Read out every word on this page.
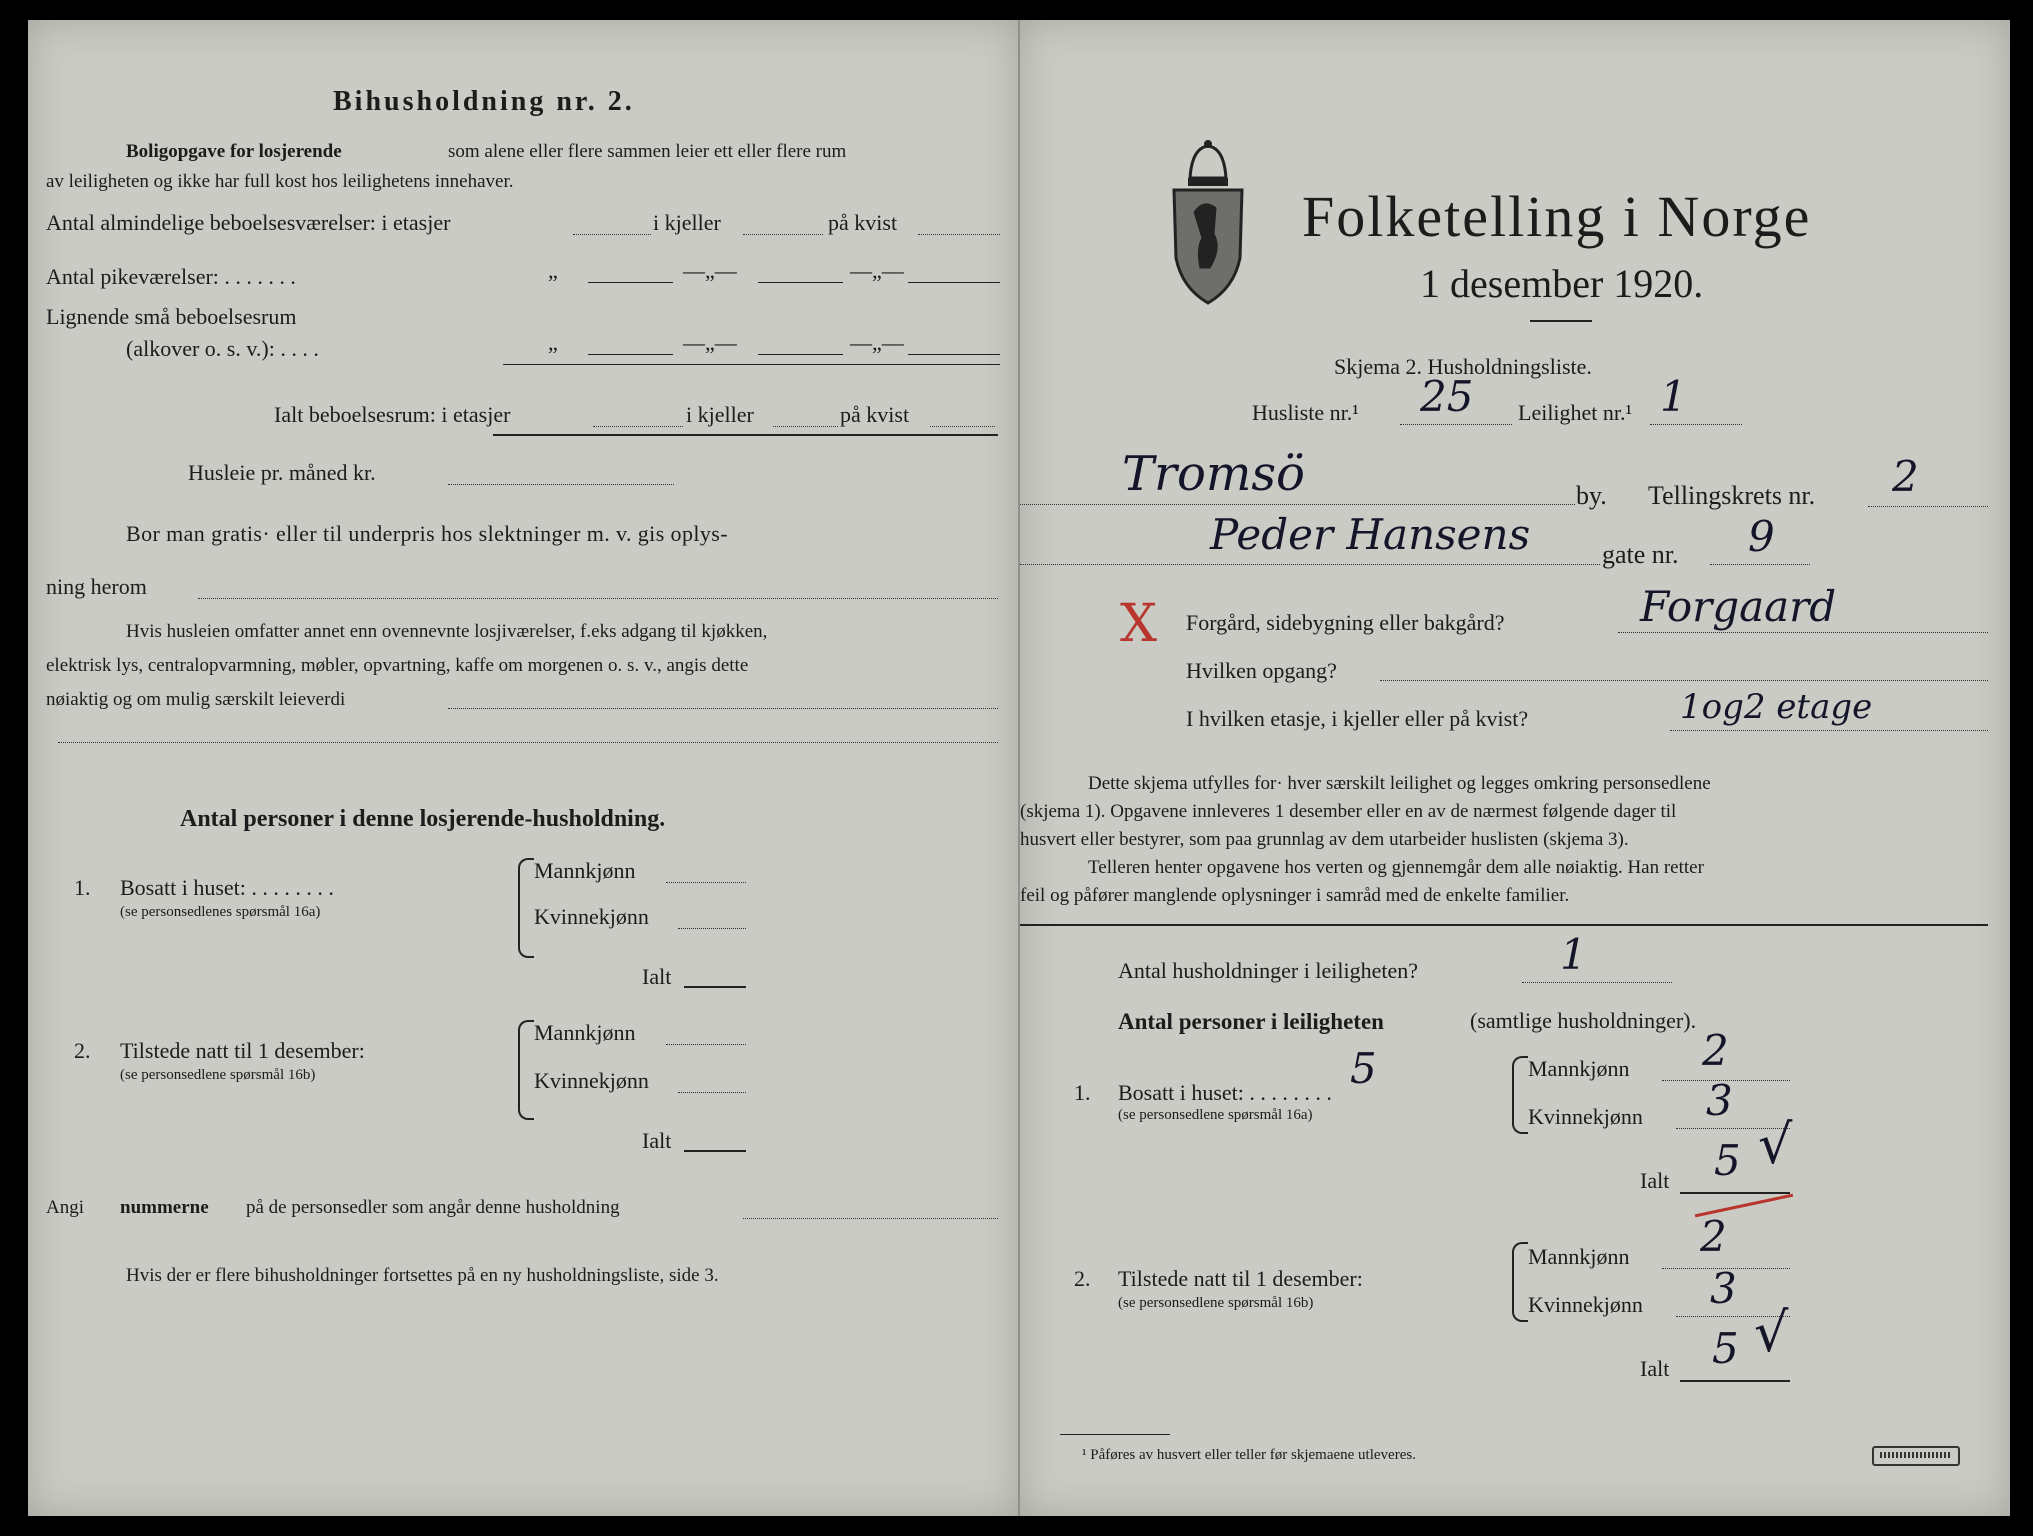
Bihusholdning nr. 2.
Boligopgave for losjerende	som alene eller flere sammen leier ett eller flere rum
av leiligheten og ikke har full kost hos leilighetens innehaver.
Antal almindelige beboelsesværelser: i etasjer	i kjeller	på kvist
Antal pikeværelser: . . . . . . .	„	—„—	—„—
Lignende små beboelsesrum
(alkover o. s. v.): . . . .	„	—„—	—„—
Ialt beboelsesrum: i etasjer	i kjeller	på kvist
Husleie pr. måned kr.
Bor man gratis· eller til underpris hos slektninger m. v. gis oplys-
ning herom
Hvis husleien omfatter annet enn ovennevnte losjiværelser, f.eks adgang til kjøkken,
elektrisk lys, centralopvarmning, møbler, opvartning, kaffe om morgenen o. s. v., angis dette
nøiaktig og om mulig særskilt leieverdi
Antal personer i denne losjerende-husholdning.
1. Bosatt i huset: . . . . . . . .
(se personsedlenes spørsmål 16a)
Mannkjønn
Kvinnekjønn
Ialt
2. Tilstede natt til 1 desember:
(se personsedlene spørsmål 16b)
Mannkjønn
Kvinnekjønn
Ialt
Angi nummerne på de personsedler som angår denne husholdning
Hvis der er flere bihusholdninger fortsettes på en ny husholdningsliste, side 3.
Folketelling i Norge
1 desember 1920.
Skjema 2. Husholdningsliste.
Husliste nr.¹ 25 Leilighet nr.¹ 1
Tromsö	by. Tellingskrets nr. 2
Peder Hansens	gate nr. 9
X Forgård, sidebygning eller bakgård?	Forgaard
Hvilken opgang?
I hvilken etasje, i kjeller eller på kvist?	1og2 etage
Dette skjema utfylles for· hver særskilt leilighet og legges omkring personsedlene
(skjema 1). Opgavene innleveres 1 desember eller en av de nærmest følgende dager til
husvert eller bestyrer, som paa grunnlag av dem utarbeider huslisten (skjema 3).
Telleren henter opgavene hos verten og gjennemgår dem alle nøiaktig. Han retter
feil og påfører manglende oplysninger i samråd med de enkelte familier.
Antal husholdninger i leiligheten?	1
Antal personer i leiligheten	(samtlige husholdninger).
1. Bosatt i huset: . . . . . . . . 5
(se personsedlene spørsmål 16a)
Mannkjønn 2
Kvinnekjønn 3
Ialt 5 √
2. Tilstede natt til 1 desember:
(se personsedlene spørsmål 16b)
Mannkjønn 2
Kvinnekjønn 3
Ialt 5 √
¹ Påføres av husvert eller teller før skjemaene utleveres.
